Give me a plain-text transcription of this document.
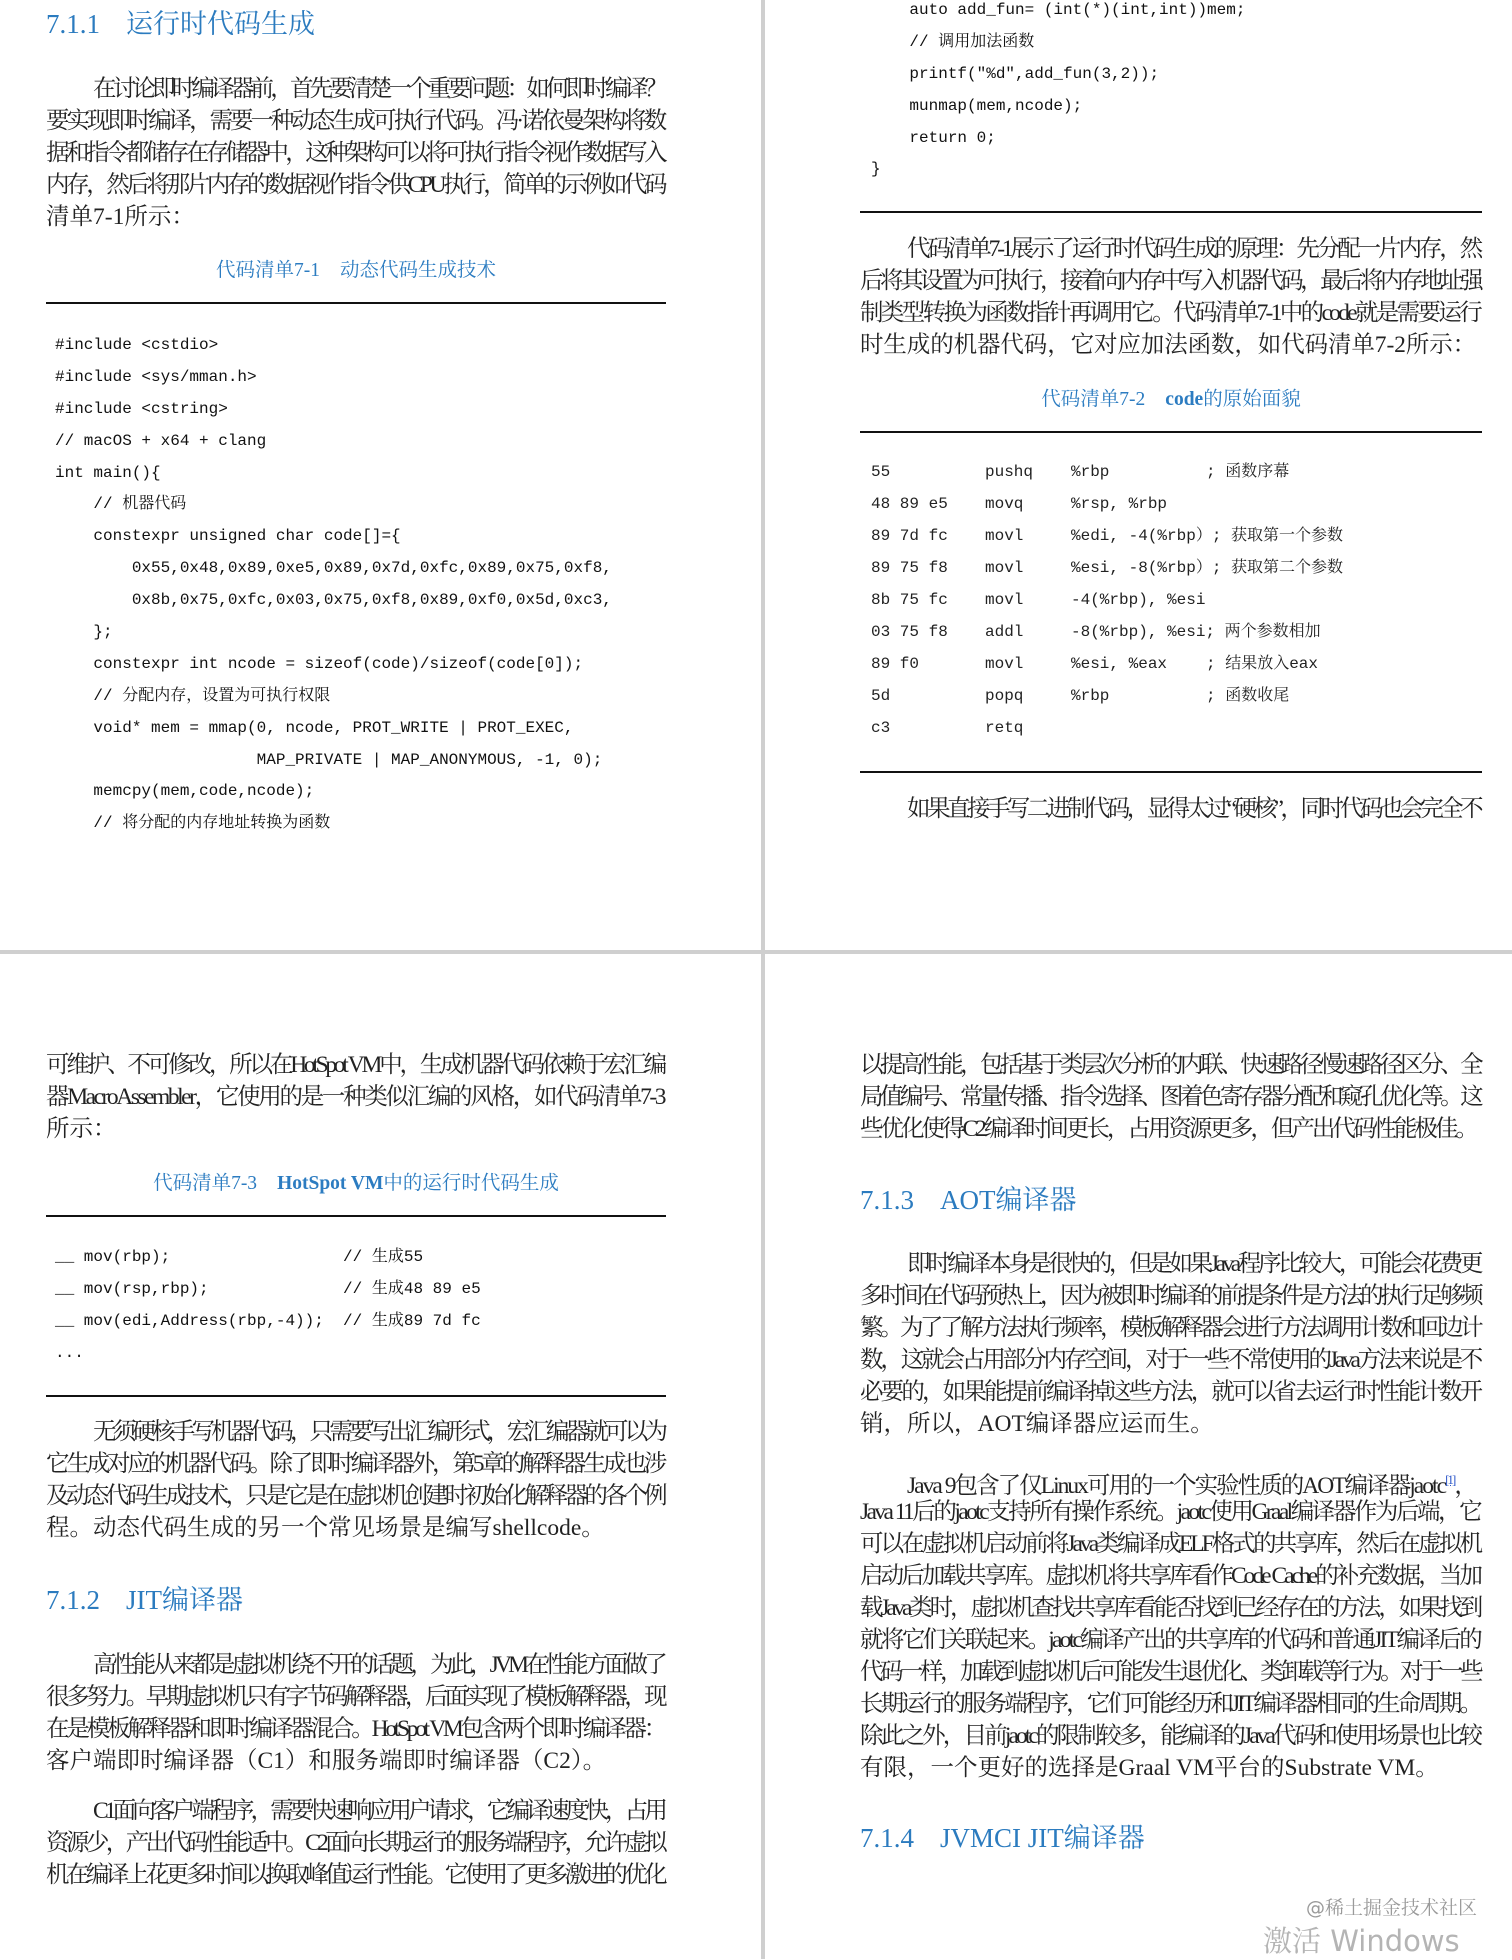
7.1.1 运行时代码生成
在讨论即时编译器前，首先要清楚一个重要问题：如何即时编译？
要实现即时编译，需要一种动态生成可执行代码。冯·诺依曼架构将数
据和指令都储存在存储器中，这种架构可以将可执行指令视作数据写入
内存，然后将那片内存的数据视作指令供CPU执行，简单的示例如代码
清单7-1所示：
代码清单7-1 动态代码生成技术
#include <cstdio>
#include <sys/mman.h>
#include <cstring>
// macOS + x64 + clang
int main(){
// 机器代码
constexpr unsigned char code[]={
0x55,0x48,0x89,0xe5,0x89,0x7d,0xfc,0x89,0x75,0xf8,
0x8b,0x75,0xfc,0x03,0x75,0xf8,0x89,0xf0,0x5d,0xc3,
};
constexpr int ncode = sizeof(code)/sizeof(code[0]);
// 分配内存，设置为可执行权限
void* mem = mmap(0, ncode, PROT_WRITE | PROT_EXEC,
MAP_PRIVATE | MAP_ANONYMOUS, -1, 0);
memcpy(mem,code,ncode);
// 将分配的内存地址转换为函数
auto add_fun= (int(*)(int,int))mem;
// 调用加法函数
printf("%d",add_fun(3,2));
munmap(mem,ncode);
return 0;
}
代码清单7-1展示了运行时代码生成的原理：先分配一片内存，然
后将其设置为可执行，接着向内存中写入机器代码，最后将内存地址强
制类型转换为函数指针再调用它。代码清单7-1中的code就是需要运行
时生成的机器代码，它对应加法函数，如代码清单7-2所示：
代码清单7-2 code的原始面貌
55	pushq %rbp	; 函数序幕
48 89 e5 movq	%rsp, %rbp
89 7d fc movl	%edi, -4(%rbp）; 获取第一个参数
89 75 f8 movl	%esi, -8(%rbp）; 获取第二个参数
8b 75 fc movl	-4(%rbp), %esi
03 75 f8 addl	-8(%rbp), %esi; 两个参数相加
89 f0	movl	%esi, %eax ; 结果放入eax
5d	popq	%rbp	; 函数收尾
c3	retq
如果直接手写二进制代码，显得太过“硬核”，同时代码也会完全不
可维护、不可修改，所以在HotSpot VM中，生成机器代码依赖于宏汇编
器MacroAssembler，它使用的是一种类似汇编的风格，如代码清单7-3
所示：
代码清单7-3 HotSpot VM中的运行时代码生成
__ mov(rbp);                  // 生成55
__ mov(rsp,rbp);              // 生成48 89 e5
__ mov(edi,Address(rbp,-4));  // 生成89 7d fc
...
无须硬核手写机器代码，只需要写出汇编形式，宏汇编器就可以为
它生成对应的机器代码。除了即时编译器外，第5章的解释器生成也涉
及动态代码生成技术，只是它是在虚拟机创建时初始化解释器的各个例
程。动态代码生成的另一个常见场景是编写shellcode。
7.1.2 JIT编译器
高性能从来都是虚拟机绕不开的话题，为此，JVM在性能方面做了
很多努力。早期虚拟机只有字节码解释器，后面实现了模板解释器，现
在是模板解释器和即时编译器混合。HotSpot VM包含两个即时编译器：
客户端即时编译器（C1）和服务端即时编译器（C2）。
C1面向客户端程序，需要快速响应用户请求，它编译速度快，占用
资源少，产出代码性能适中。C2面向长期运行的服务端程序，允许虚拟
机在编译上花更多时间以换取峰值运行性能。它使用了更多激进的优化
以提高性能，包括基于类层次分析的内联、快速路径慢速路径区分、全
局值编号、常量传播、指令选择、图着色寄存器分配和窥孔优化等。这
些优化使得C2编译时间更长，占用资源更多，但产出代码性能极佳。
7.1.3 AOT编译器
即时编译本身是很快的，但是如果Java程序比较大，可能会花费更
多时间在代码预热上，因为被即时编译的前提条件是方法的执行足够频
繁。为了了解方法执行频率，模板解释器会进行方法调用计数和回边计
数，这就会占用部分内存空间，对于一些不常使用的Java方法来说是不
必要的，如果能提前编译掉这些方法，就可以省去运行时性能计数开
销，所以，AOT编译器应运而生。
Java 9包含了仅Linux可用的一个实验性质的AOT编译器jaotc[1]，
Java 11后的jaotc支持所有操作系统。jaotc使用Graal编译器作为后端，它
可以在虚拟机启动前将Java类编译成ELF格式的共享库，然后在虚拟机
启动后加载共享库。虚拟机将共享库看作Code Cache的补充数据，当加
载Java类时，虚拟机查找共享库看能否找到已经存在的方法，如果找到
就将它们关联起来。jaotc编译产出的共享库的代码和普通JIT编译后的
代码一样，加载到虚拟机后可能发生退优化、类卸载等行为。对于一些
长期运行的服务端程序，它们可能经历和JIT编译器相同的生命周期。
除此之外，目前jaotc的限制较多，能编译的Java代码和使用场景也比较
有限，一个更好的选择是Graal VM平台的Substrate VM。
7.1.4 JVMCI JIT编译器
@稀土掘金技术社区
激活 Windows
